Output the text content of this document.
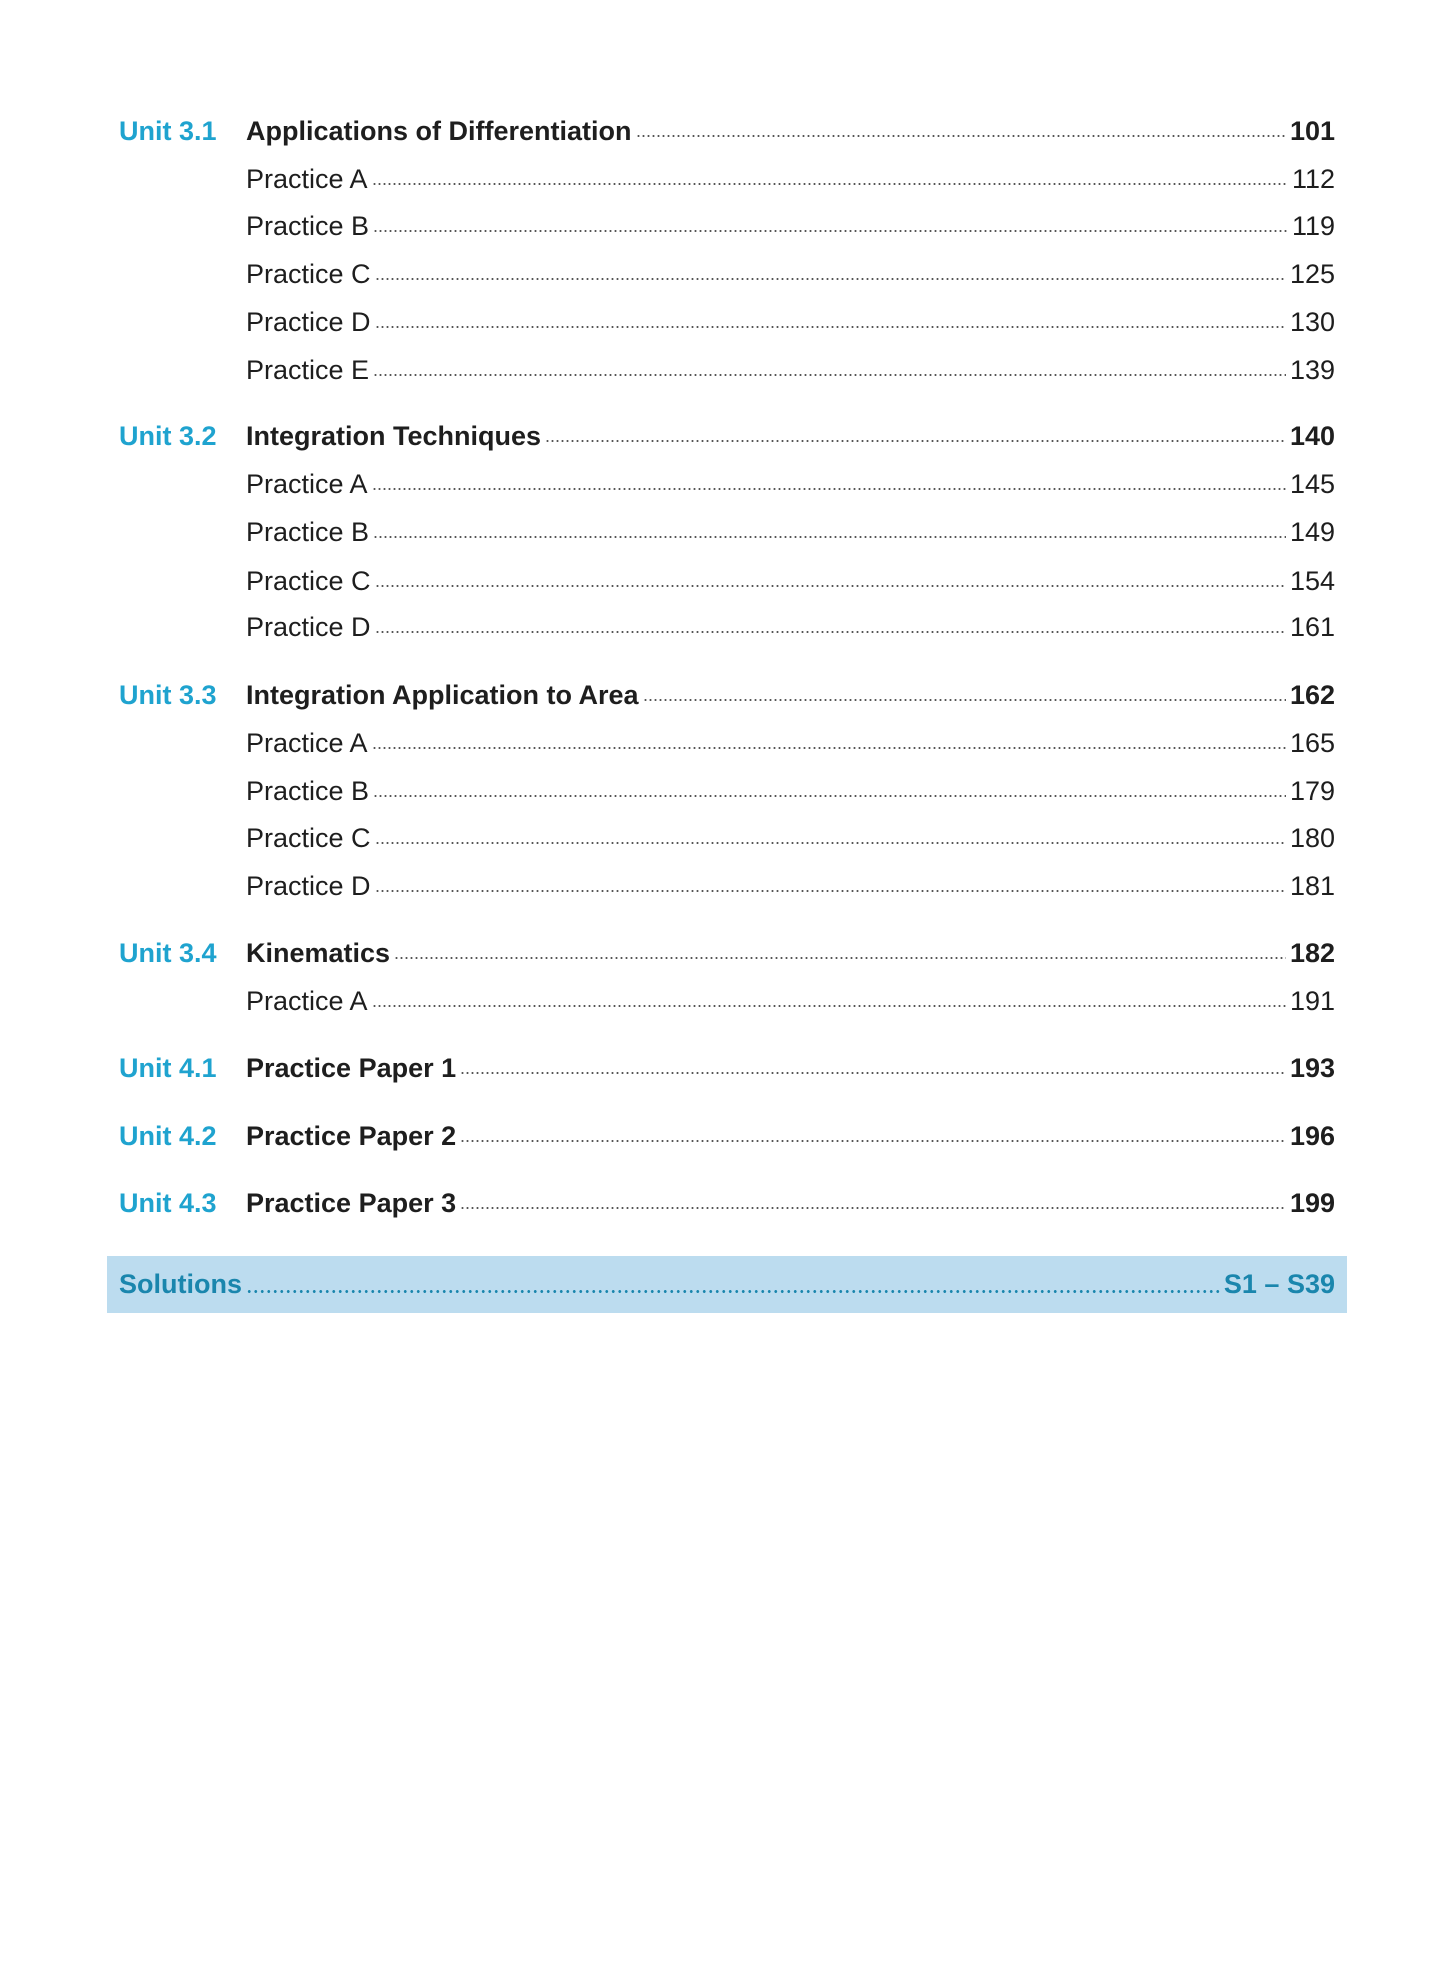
Unit 3.1	Applications of Differentiation	101
Practice A	112
Practice B	119
Practice C	125
Practice D	130
Practice E	139
Unit 3.2	Integration Techniques	140
Practice A	145
Practice B	149
Practice C	154
Practice D	161
Unit 3.3	Integration Application to Area	162
Practice A	165
Practice B	179
Practice C	180
Practice D	181
Unit 3.4	Kinematics	182
Practice A	191
Unit 4.1	Practice Paper 1	193
Unit 4.2	Practice Paper 2	196
Unit 4.3	Practice Paper 3	199
Solutions	S1 – S39
